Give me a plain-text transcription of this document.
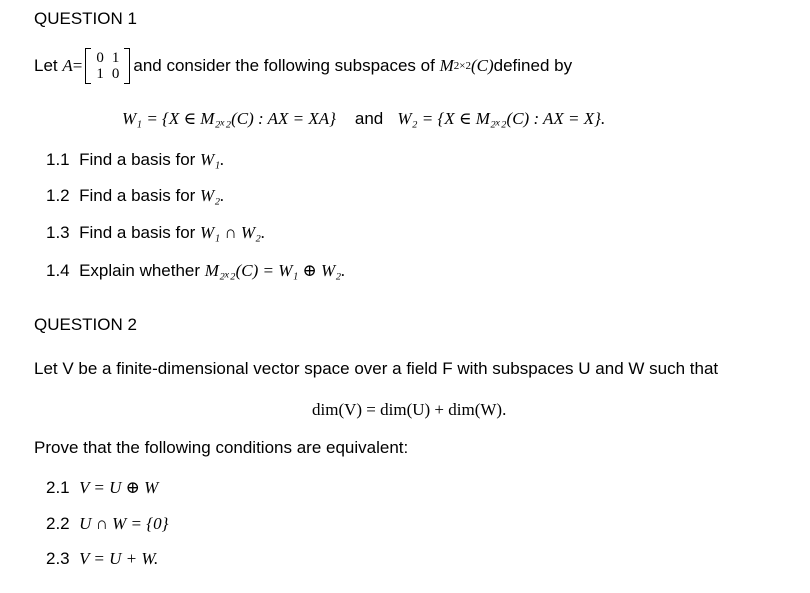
QUESTION 1
Let
A = 0	1
1	0 and consider the following subspaces of
M 2×2 (C) defined by
W₁ = {X ∈ M₂ₓ₂(C) : AX = XA} and W₂ = {X ∈ M₂ₓ₂(C) : AX = X}.
1.1 Find a basis for W₁.
1.2 Find a basis for W₂.
1.3 Find a basis for W₁ ∩ W₂.
1.4 Explain whether M₂ₓ₂(C) = W₁ ⊕ W₂.
QUESTION 2
Let V be a finite-dimensional vector space over a field F with subspaces U and W such that
dim(V) = dim(U) + dim(W).
Prove that the following conditions are equivalent:
2.1 V = U ⊕ W
2.2 U ∩ W = {0}
2.3 V = U + W.
